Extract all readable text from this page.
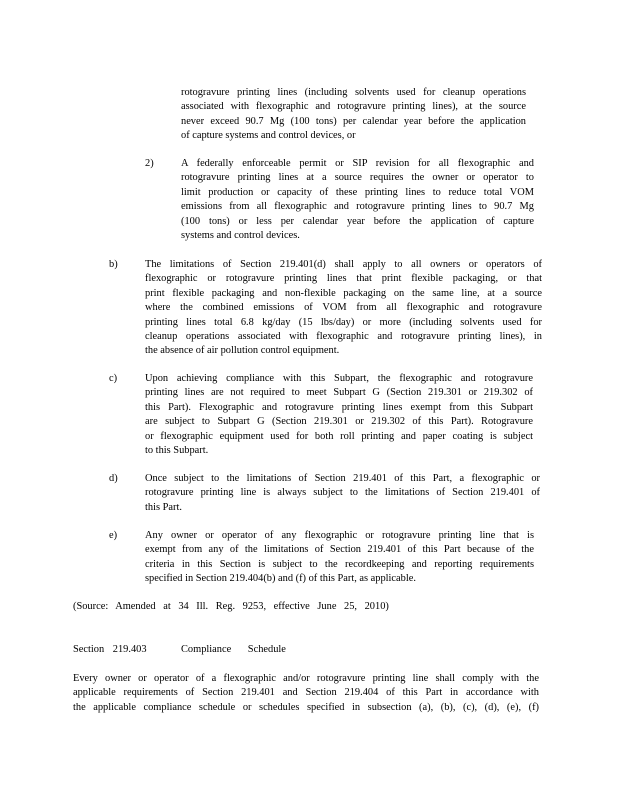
rotogravure printing lines (including solvents used for cleanup operations
associated with flexographic and rotogravure printing lines), at the source
never exceed 90.7 Mg (100 tons) per calendar year before the application
of capture systems and control devices, or
2)	A federally enforceable permit or SIP revision for all flexographic and
rotogravure printing lines at a source requires the owner or operator to
limit production or capacity of these printing lines to reduce total VOM
emissions from all flexographic and rotogravure printing lines to 90.7 Mg
(100 tons) or less per calendar year before the application of capture
systems and control devices.
b)	The limitations of Section 219.401(d) shall apply to all owners or operators of
flexographic or rotogravure printing lines that print flexible packaging, or that
print flexible packaging and non-flexible packaging on the same line, at a source
where the combined emissions of VOM from all flexographic and rotogravure
printing lines total 6.8 kg/day (15 lbs/day) or more (including solvents used for
cleanup operations associated with flexographic and rotogravure printing lines), in
the absence of air pollution control equipment.
c)	Upon achieving compliance with this Subpart, the flexographic and rotogravure
printing lines are not required to meet Subpart G (Section 219.301 or 219.302 of
this Part). Flexographic and rotogravure printing lines exempt from this Subpart
are subject to Subpart G (Section 219.301 or 219.302 of this Part). Rotogravure
or flexographic equipment used for both roll printing and paper coating is subject
to this Subpart.
d)	Once subject to the limitations of Section 219.401 of this Part, a flexographic or
rotogravure printing line is always subject to the limitations of Section 219.401 of
this Part.
e)	Any owner or operator of any flexographic or rotogravure printing line that is
exempt from any of the limitations of Section 219.401 of this Part because of the
criteria in this Section is subject to the recordkeeping and reporting requirements
specified in Section 219.404(b) and (f) of this Part, as applicable.
(Source: Amended at 34 Ill. Reg. 9253, effective June 25, 2010)
Section 219.403	Compliance Schedule
Every owner or operator of a flexographic and/or rotogravure printing line shall comply with the
applicable requirements of Section 219.401 and Section 219.404 of this Part in accordance with
the applicable compliance schedule or schedules specified in subsection (a), (b), (c), (d), (e), (f)
